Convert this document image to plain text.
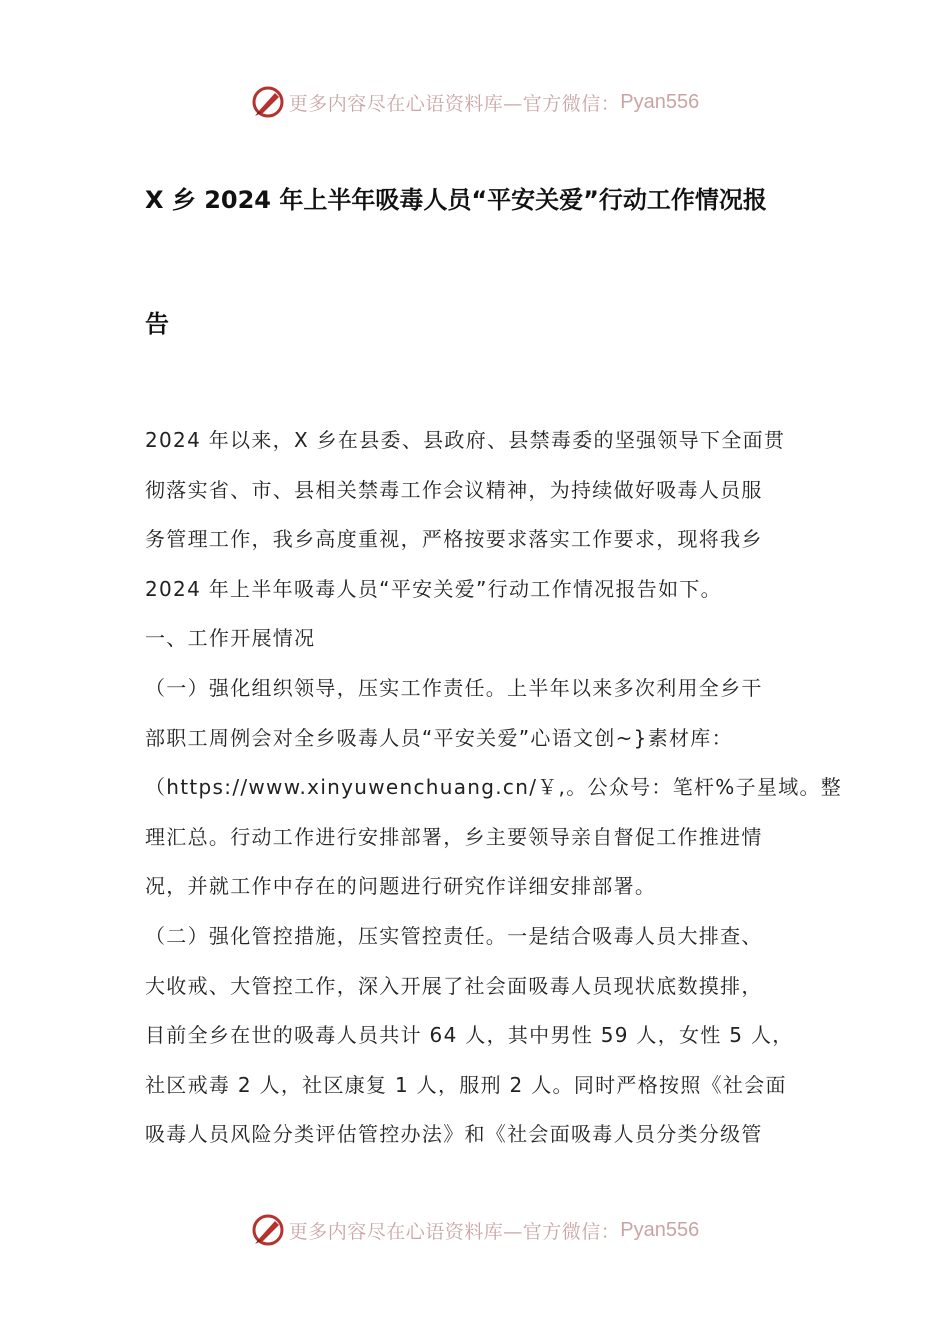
更多内容尽在心语资料库—官方微信： Pyan556
X 乡 2024 年上半年吸毒人员“平安关爱”行动工作情况报
告
2024 年以来，X 乡在县委、县政府、县禁毒委的坚强领导下全面贯
彻落实省、市、县相关禁毒工作会议精神，为持续做好吸毒人员服
务管理工作，我乡高度重视，严格按要求落实工作要求，现将我乡
2024 年上半年吸毒人员“平安关爱”行动工作情况报告如下。
一、工作开展情况
（一）强化组织领导，压实工作责任。上半年以来多次利用全乡干
部职工周例会对全乡吸毒人员“平安关爱”心语文创~}素材库：
（https://www.xinyuwenchuang.cn/￥,。公众号：笔杆%子星域。整
理汇总。行动工作进行安排部署，乡主要领导亲自督促工作推进情
况，并就工作中存在的问题进行研究作详细安排部署。
（二）强化管控措施，压实管控责任。一是结合吸毒人员大排查、
大收戒、大管控工作，深入开展了社会面吸毒人员现状底数摸排，
目前全乡在世的吸毒人员共计 64 人，其中男性 59 人，女性 5 人，
社区戒毒 2 人，社区康复 1 人，服刑 2 人。同时严格按照《社会面
吸毒人员风险分类评估管控办法》和《社会面吸毒人员分类分级管
更多内容尽在心语资料库—官方微信： Pyan556
